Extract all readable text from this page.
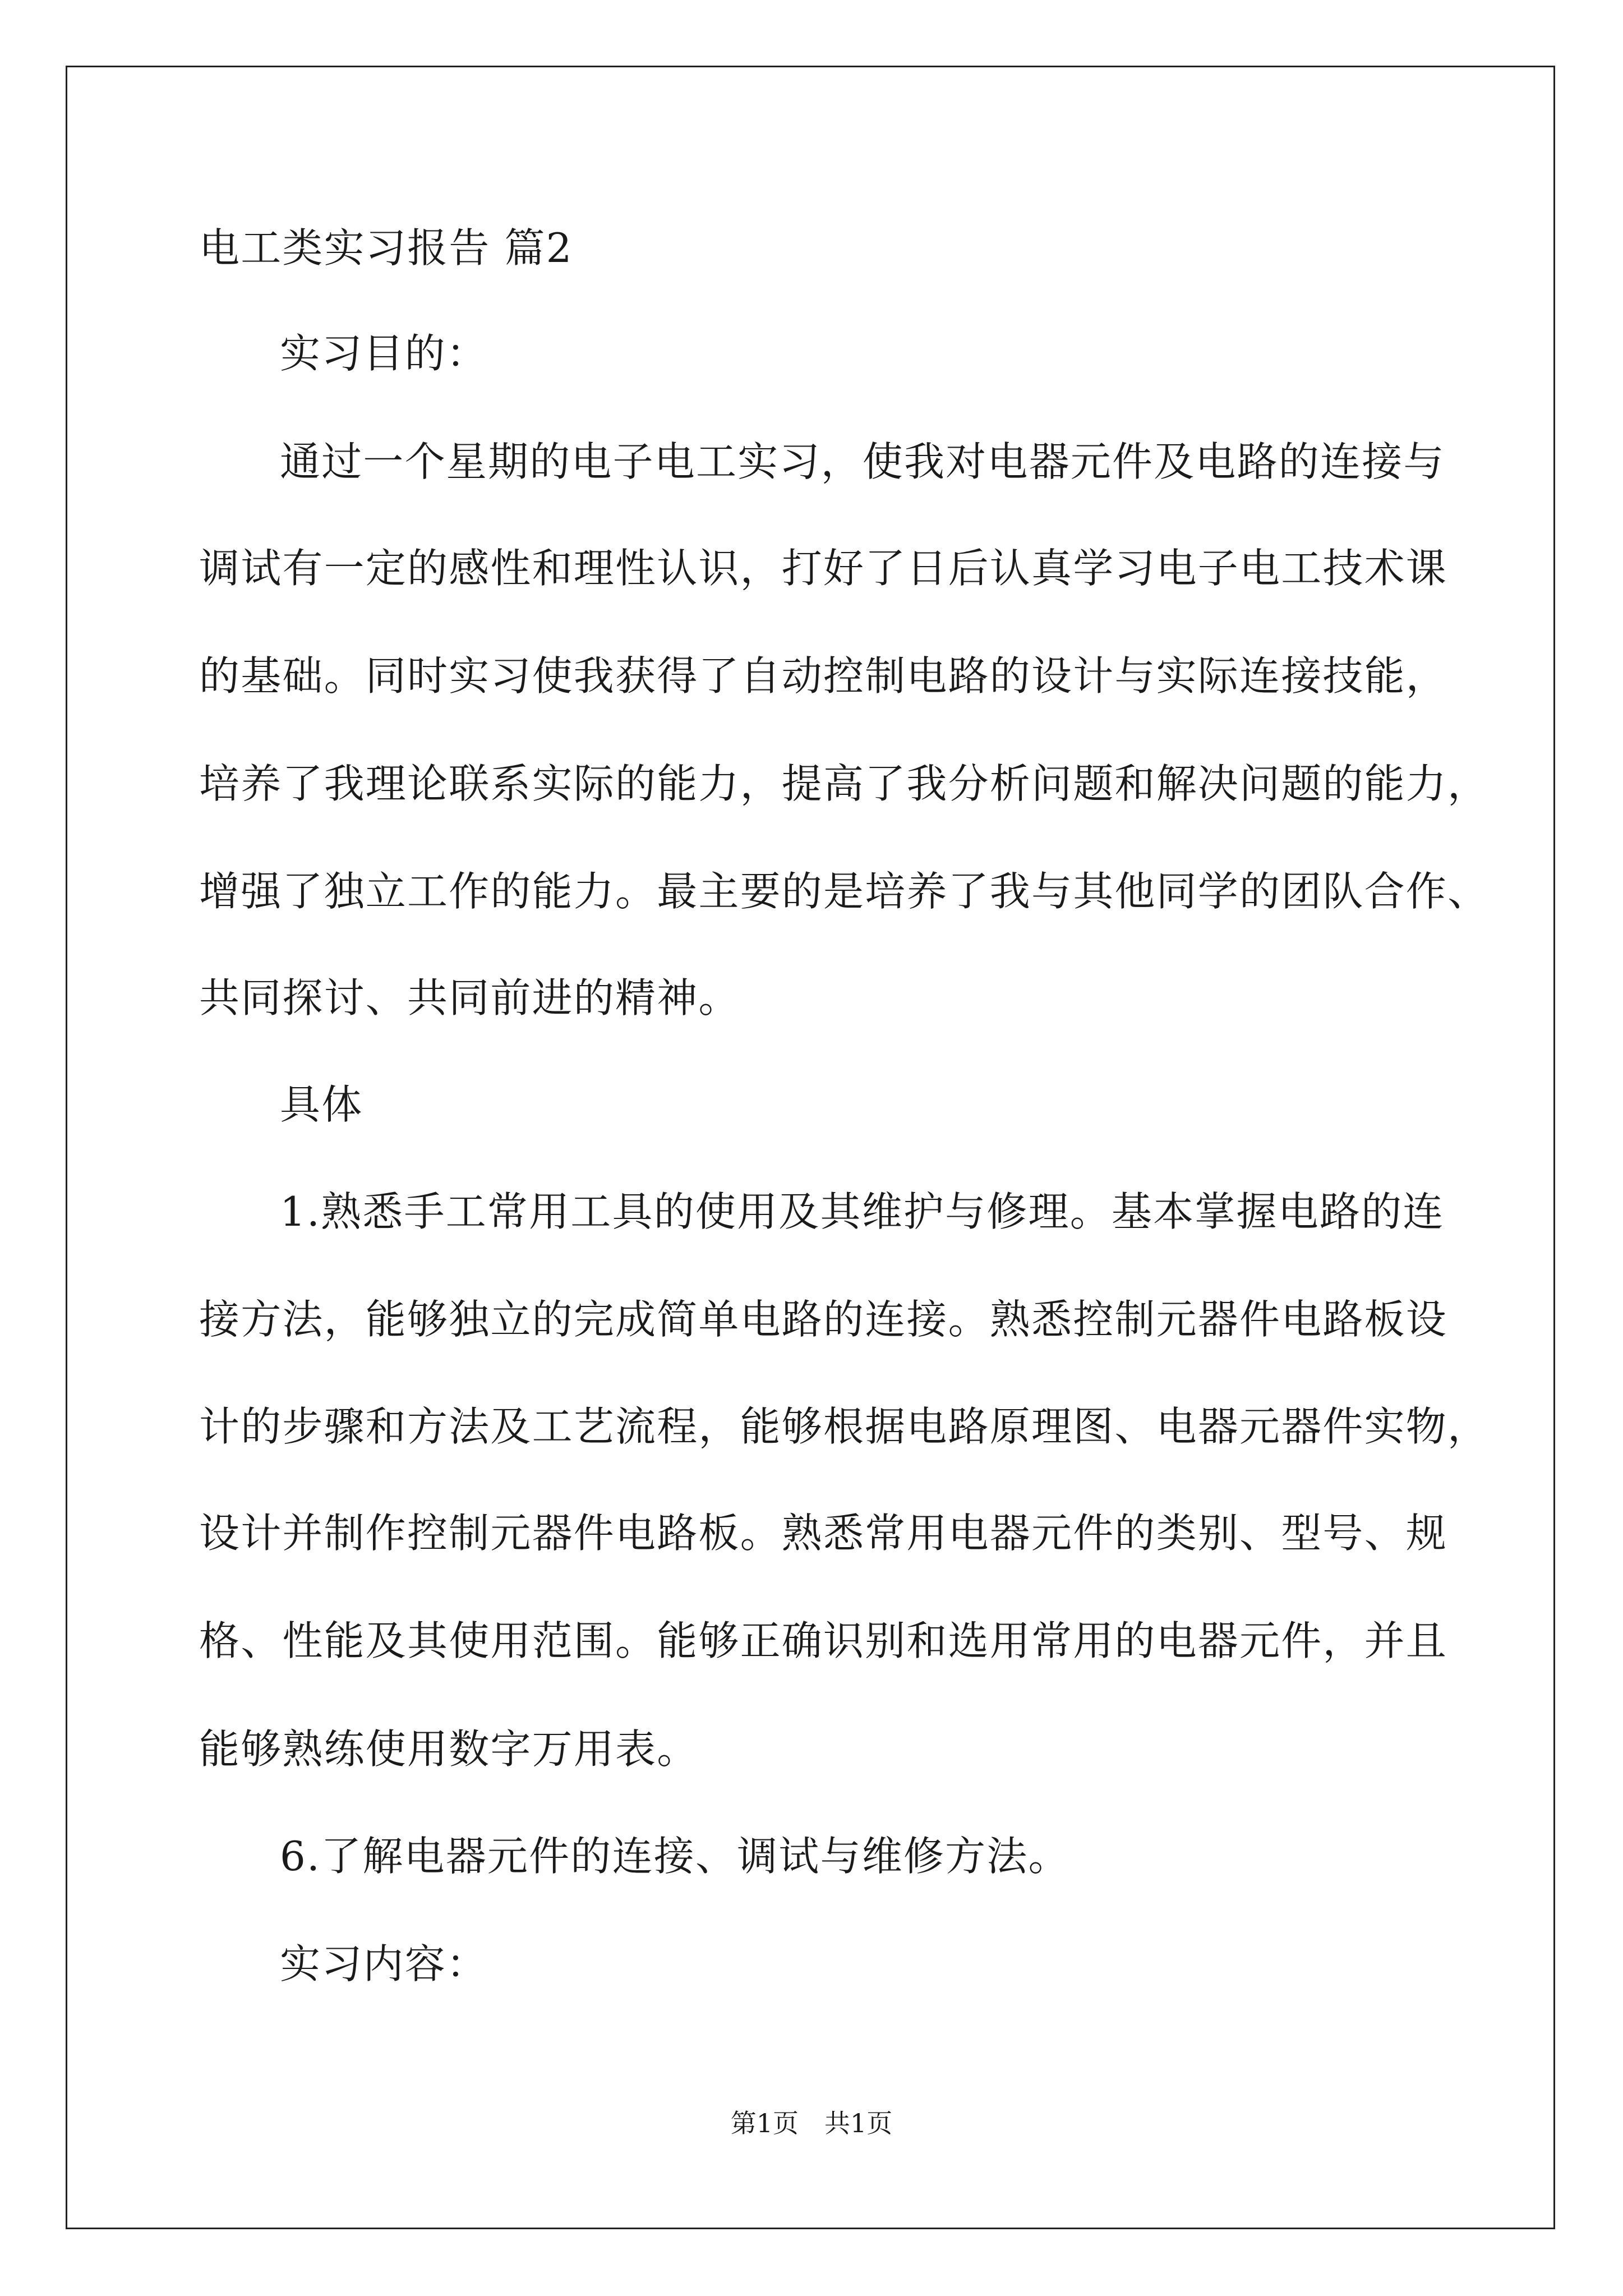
电工类实习报告 篇2
实习目的：
通过一个星期的电子电工实习，使我对电器元件及电路的连接与
调试有一定的感性和理性认识，打好了日后认真学习电子电工技术课
的基础。同时实习使我获得了自动控制电路的设计与实际连接技能，
培养了我理论联系实际的能力，提高了我分析问题和解决问题的能力，
增强了独立工作的能力。最主要的是培养了我与其他同学的团队合作、
共同探讨、共同前进的精神。
具体
1.熟悉手工常用工具的使用及其维护与修理。基本掌握电路的连
接方法，能够独立的完成简单电路的连接。熟悉控制元器件电路板设
计的步骤和方法及工艺流程，能够根据电路原理图、电器元器件实物，
设计并制作控制元器件电路板。熟悉常用电器元件的类别、型号、规
格、性能及其使用范围。能够正确识别和选用常用的电器元件，并且
能够熟练使用数字万用表。
6.了解电器元件的连接、调试与维修方法。
实习内容：
第1页　共1页
